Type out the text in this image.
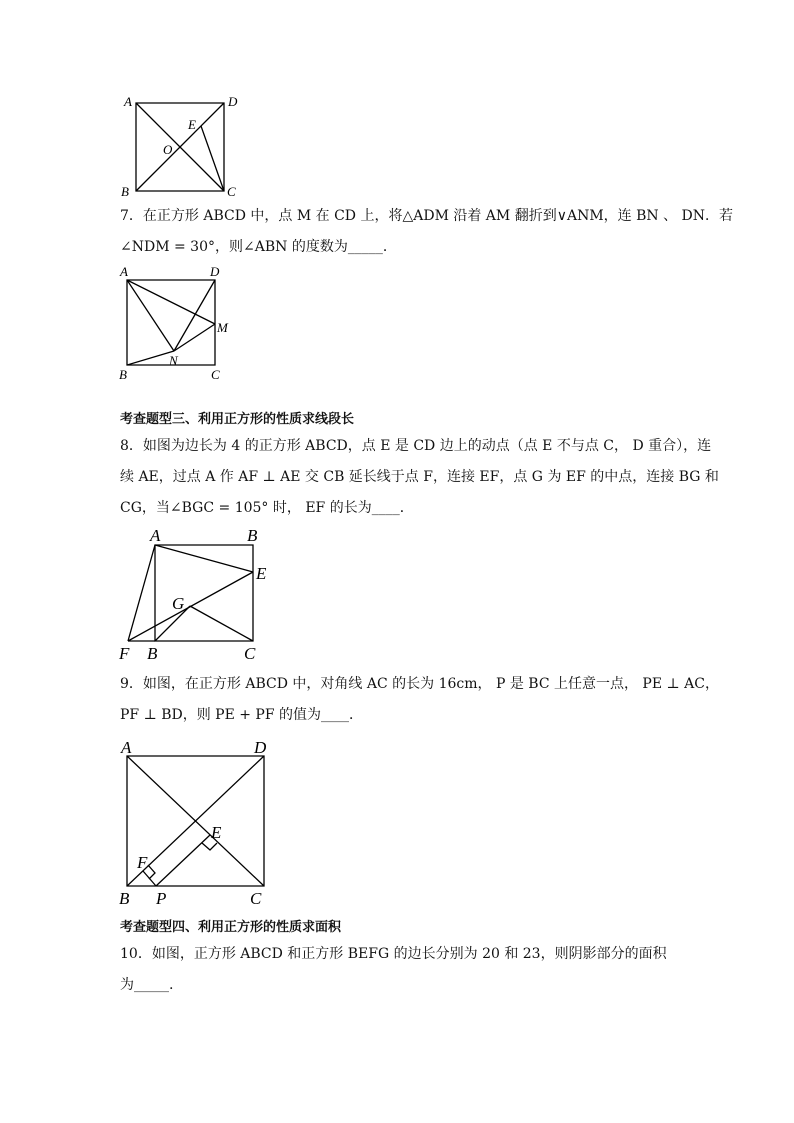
A	D
E
O
B	C
7．在正方形 ABCD 中，点 M 在 CD 上，将△ADM 沿着 AM 翻折到∨ANM，连 BN 、 DN．若
∠NDM = 30°，则∠ABN 的度数为_____．
A	D
M
N
B	C
考查题型三、利用正方形的性质求线段长
8．如图为边长为 4 的正方形 ABCD，点 E 是 CD 边上的动点（点 E 不与点 C， D 重合），连
续 AE，过点 A 作 AF ⊥ AE 交 CB 延长线于点 F，连接 EF，点 G 为 EF 的中点，连接 BG 和
CG，当∠BGC = 105° 时， EF 的长为____．
A	B
E
G
F B	C
9．如图，在正方形 ABCD 中，对角线 AC 的长为 16cm， P 是 BC 上任意一点， PE ⊥ AC，
PF ⊥ BD，则 PE + PF 的值为____．
A	D
E
F
B P	C
考查题型四、利用正方形的性质求面积
10．如图，正方形 ABCD 和正方形 BEFG 的边长分别为 20 和 23，则阴影部分的面积
为_____.
